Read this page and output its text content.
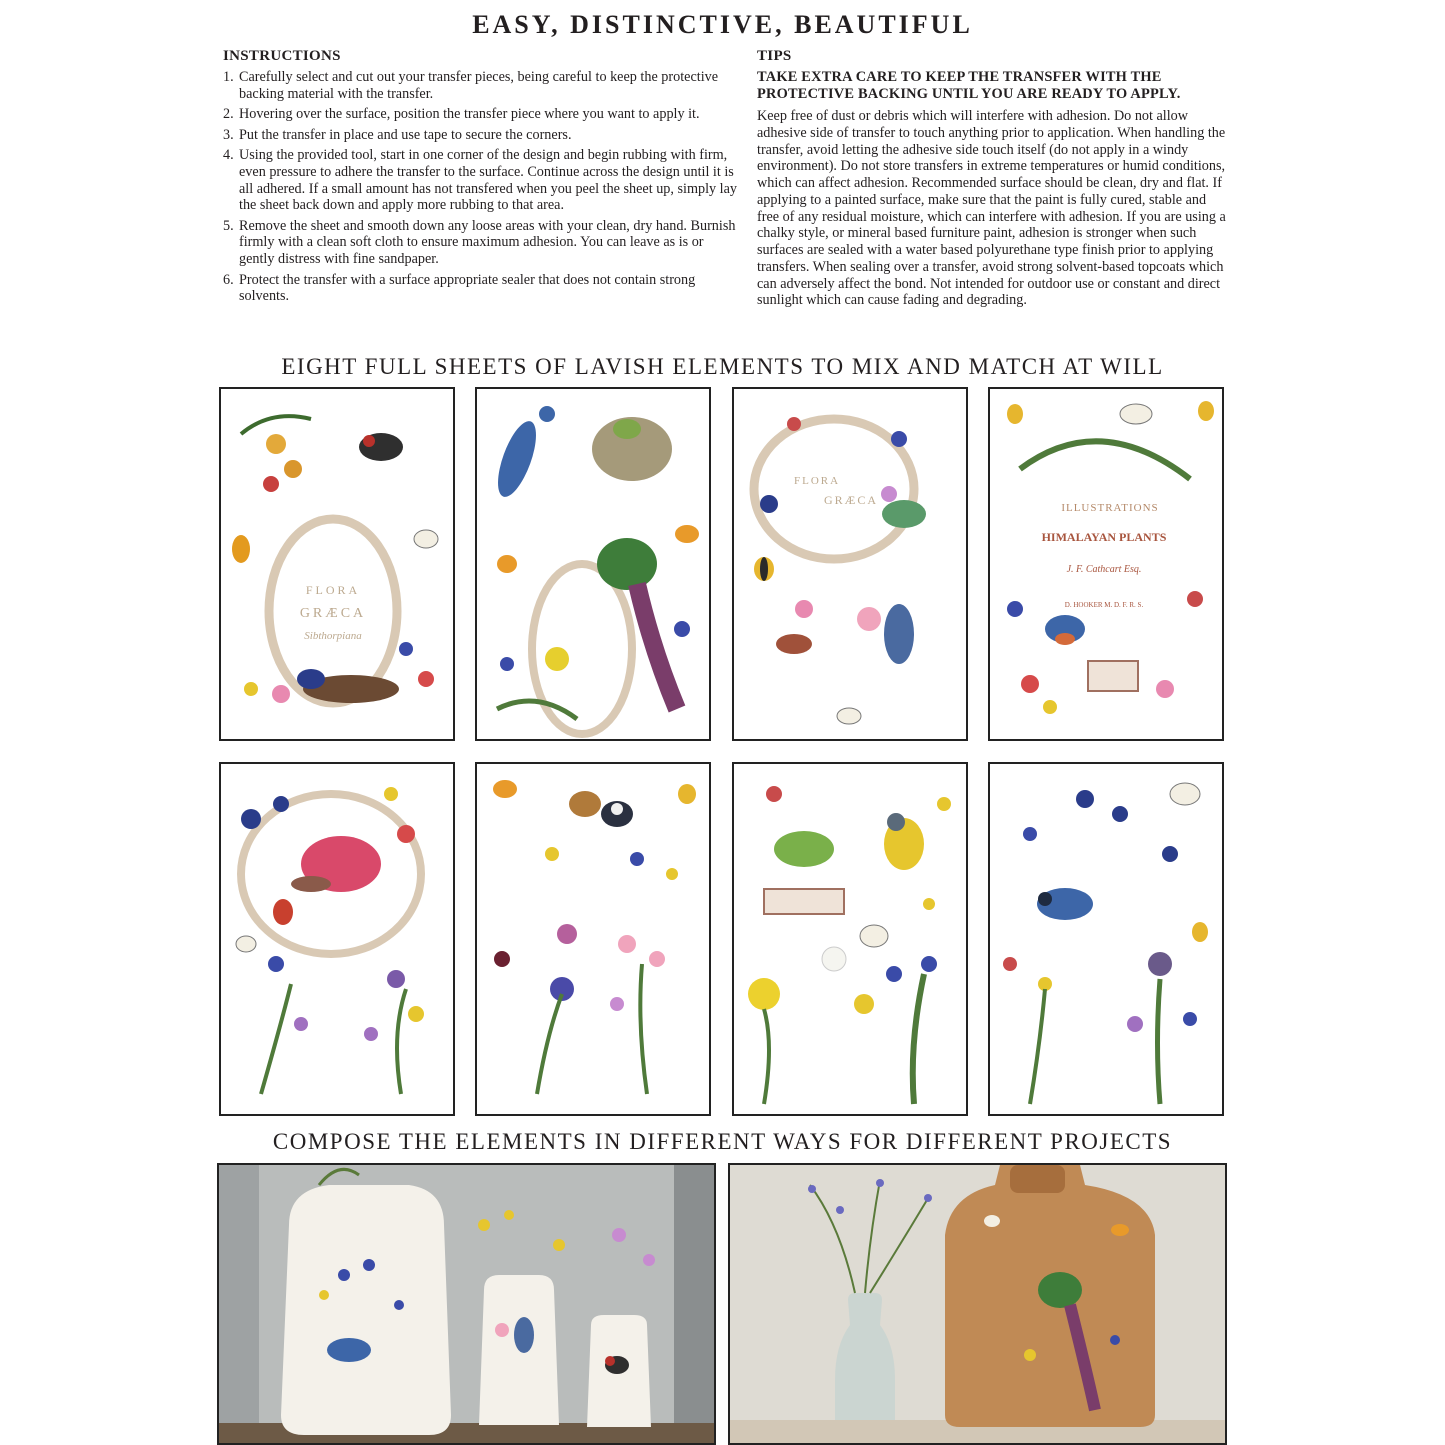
EASY, DISTINCTIVE, BEAUTIFUL
INSTRUCTIONS
1. Carefully select and cut out your transfer pieces, being careful to keep the protective backing material with the transfer.
2. Hovering over the surface, position the transfer piece where you want to apply it.
3. Put the transfer in place and use tape to secure the corners.
4. Using the provided tool, start in one corner of the design and begin rubbing with firm, even pressure to adhere the transfer to the surface. Continue across the design until it is all adhered. If a small amount has not transfered when you peel the sheet up, simply lay the sheet back down and apply more rubbing to that area.
5. Remove the sheet and smooth down any loose areas with your clean, dry hand. Burnish firmly with a clean soft cloth to ensure maximum adhesion. You can leave as is or gently distress with fine sandpaper.
6. Protect the transfer with a surface appropriate sealer that does not contain strong solvents.
TIPS
TAKE EXTRA CARE TO KEEP THE TRANSFER WITH THE PROTECTIVE BACKING UNTIL YOU ARE READY TO APPLY.
Keep free of dust or debris which will interfere with adhesion. Do not allow adhesive side of transfer to touch anything prior to application. When handling the transfer, avoid letting the adhesive side touch itself (do not apply in a windy environment). Do not store transfers in extreme temperatures or humid conditions, which can affect adhesion. Recommended surface should be clean, dry and flat. If applying to a painted surface, make sure that the paint is fully cured, stable and free of any residual moisture, which can interfere with adhesion. If you are using a chalky style, or mineral based furniture paint, adhesion is stronger when such surfaces are sealed with a water based polyurethane type finish prior to applying transfers. When sealing over a transfer, avoid strong solvent-based topcoats which can adversely affect the bond. Not intended for outdoor use or constant and direct sunlight which can cause fading and degrading.
EIGHT FULL SHEETS OF LAVISH ELEMENTS TO MIX AND MATCH AT WILL
FLORA
GRÆCA
Sibthorpiana
FLORA
GRÆCA
ILLUSTRATIONS
HIMALAYAN PLANTS
J. F. Cathcart Esq.
D. HOOKER M. D. F. R. S.
COMPOSE THE ELEMENTS IN DIFFERENT WAYS FOR DIFFERENT PROJECTS
